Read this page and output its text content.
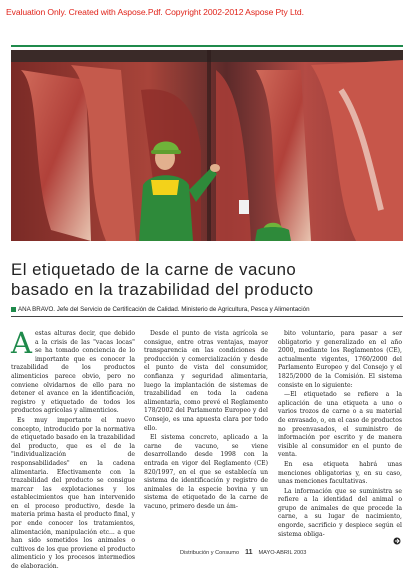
Evaluation Only. Created with Aspose.Pdf. Copyright 2002-2012 Aspose Pty Ltd.
El etiquetado de la carne de vacuno
basado en la trazabilidad del producto
ANA BRAVO. Jefe del Servicio de Certificación de Calidad. Ministerio de Agricultura, Pesca y Alimentación

Aestas alturas decir, que debido a la crisis de las "vacas locas" se ha tomado conciencia de lo importante que es conocer la trazabilidad de los productos alimenticios parece obvio, pero no conviene olvidarnos de ello para no detener el avance en la identificación, registro y etiquetado de todos los productos agrícolas y alimenticios.

Es muy importante el nuevo concepto, introducido por la normativa de etiquetado basado en la trazabilidad del producto, que es el de la "individualización de responsabilidades" en la cadena alimentaria. Efectivamente con la trazabilidad del producto se consigue marcar las explotaciones y los establecimientos que han intervenido en el proceso productivo, desde la materia prima hasta el producto final, y por ende conocer los tratamientos, alimentación, manipulación etc... a que han sido sometidos los animales o cultivos de los que proviene el producto alimenticio y los procesos intermedios de elaboración.

Desde el punto de vista agrícola se consigue, entre otras ventajas, mayor transparencia en las condiciones de producción y comercialización y desde el punto de vista del consumidor, confianza y seguridad alimentaria, luego la implantación de sistemas de trazabilidad en toda la cadena alimentaria, como prevé el Reglamento 178/2002 del Parlamento Europeo y del Consejo, es una apuesta clara por todo ello.

El sistema concreto, aplicado a la carne de vacuno, se viene desarrollando desde 1998 con la entrada en vigor del Reglamento (CE) 820/1997, en el que se establecía un sistema de identificación y registro de animales de la especie bovina y un sistema de etiquetado de la carne de vacuno, primero desde un ám-

bito voluntario, para pasar a ser obligatorio y generalizado en el año 2000, mediante los Reglamentos (CE), actualmente vigentes, 1760/2000 del Parlamento Europeo y del Consejo y el 1825/2000 de la Comisión. El sistema consiste en lo siguiente:

—El etiquetado se refiere a la aplicación de una etiqueta a uno o varios trozos de carne o a su material de envasado, o, en el caso de productos no preenvasados, el suministro de información por escrito y de manera visible al consumidor en el punto de venta.

En esa etiqueta habrá unas menciones obligatorias y, en su caso, unas menciones facultativas.

La información que se suministra se refiere a la identidad del animal o grupo de animales de que procede la carne, a su lugar de nacimiento, engorde, sacrificio y despiece según el sistema obliga-

Distribución y Consumo 11 MAYO-ABRIL 2003
